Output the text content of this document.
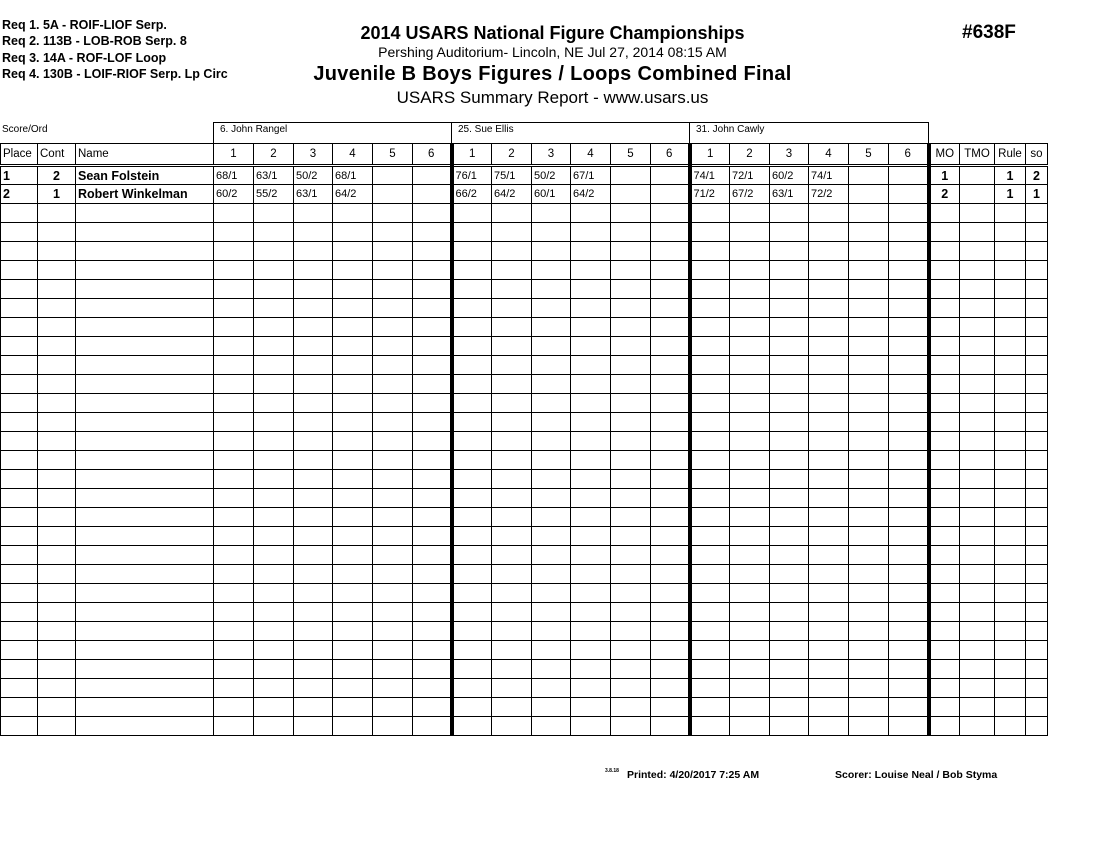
Req 1. 5A - ROIF-LIOF Serp.
Req 2. 113B - LOB-ROB Serp. 8
Req 3. 14A - ROF-LOF Loop
Req 4. 130B - LOIF-RIOF Serp. Lp Circ
2014 USARS National Figure Championships
Pershing Auditorium- Lincoln, NE Jul 27, 2014 08:15 AM
Juvenile B Boys Figures / Loops Combined Final
USARS Summary Report - www.usars.us
#638F
Score/Ord	6. John Rangel	25. Sue Ellis	31. John Cawly
Place	Cont	Name	1	2	3	4	5	6	1	2	3	4	5	6	1	2	3	4	5	6	MO	TMO	Rule	so
1	2	Sean Folstein	68/1	63/1	50/2	68/1			76/1	75/1	50/2	67/1			74/1	72/1	60/2	74/1			1		1	2
2	1	Robert Winkelman	60/2	55/2	63/1	64/2			66/2	64/2	60/1	64/2			71/2	67/2	63/1	72/2			2		1	1

3.8.18 Printed: 4/20/2017 7:25 AM	Scorer: Louise Neal / Bob Styma
